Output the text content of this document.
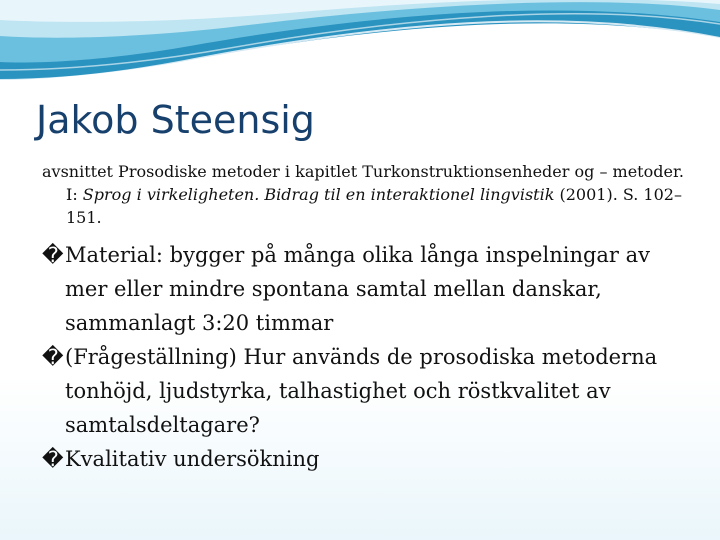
Jakob Steensig
avsnittet Prosodiske metoder i kapitlet Turkonstruktionsenheder og – metoder. I: Sprog i virkeligheten. Bidrag til en interaktionel lingvistik (2001). S. 102–151.
�Material: bygger på många olika långa inspelningar av mer eller mindre spontana samtal mellan danskar, sammanlagt 3:20 timmar
�(Frågeställning) Hur används de prosodiska metoderna tonhöjd, ljudstyrka, talhastighet och röstkvalitet av samtalsdeltagare?
�Kvalitativ undersökning
